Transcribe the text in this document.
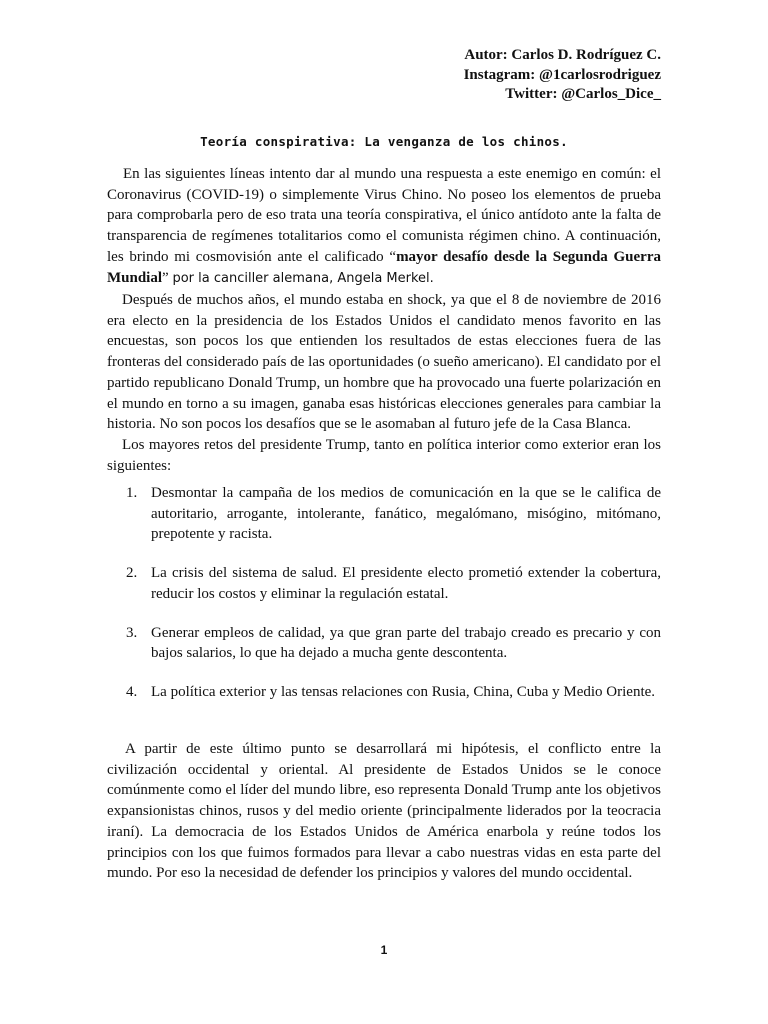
Autor: Carlos D. Rodríguez C.
Instagram: @1carlosrodriguez
Twitter: @Carlos_Dice_
Teoría conspirativa: La venganza de los chinos.

En las siguientes líneas intento dar al mundo una respuesta a este enemigo en común: el Coronavirus (COVID-19) o simplemente Virus Chino. No poseo los elementos de prueba para comprobarla pero de eso trata una teoría conspirativa, el único antídoto ante la falta de transparencia de regímenes totalitarios como el comunista régimen chino. A continuación, les brindo mi cosmovisión ante el calificado “mayor desafío desde la Segunda Guerra Mundial” por la canciller alemana, Angela Merkel.

Después de muchos años, el mundo estaba en shock, ya que el 8 de noviembre de 2016 era electo en la presidencia de los Estados Unidos el candidato menos favorito en las encuestas, son pocos los que entienden los resultados de estas elecciones fuera de las fronteras del considerado país de las oportunidades (o sueño americano). El candidato por el partido republicano Donald Trump, un hombre que ha provocado una fuerte polarización en el mundo en torno a su imagen, ganaba esas históricas elecciones generales para cambiar la historia. No son pocos los desafíos que se le asomaban al futuro jefe de la Casa Blanca.

Los mayores retos del presidente Trump, tanto en política interior como exterior eran los siguientes:

1. Desmontar la campaña de los medios de comunicación en la que se le califica de autoritario, arrogante, intolerante, fanático, megalómano, misógino, mitómano, prepotente y racista.
2. La crisis del sistema de salud. El presidente electo prometió extender la cobertura, reducir los costos y eliminar la regulación estatal.
3. Generar empleos de calidad, ya que gran parte del trabajo creado es precario y con bajos salarios, lo que ha dejado a mucha gente descontenta.
4. La política exterior y las tensas relaciones con Rusia, China, Cuba y Medio Oriente.

A partir de este último punto se desarrollará mi hipótesis, el conflicto entre la civilización occidental y oriental. Al presidente de Estados Unidos se le conoce comúnmente como el líder del mundo libre, eso representa Donald Trump ante los objetivos expansionistas chinos, rusos y del medio oriente (principalmente liderados por la teocracia iraní). La democracia de los Estados Unidos de América enarbola y reúne todos los principios con los que fuimos formados para llevar a cabo nuestras vidas en esta parte del mundo. Por eso la necesidad de defender los principios y valores del mundo occidental.

1
